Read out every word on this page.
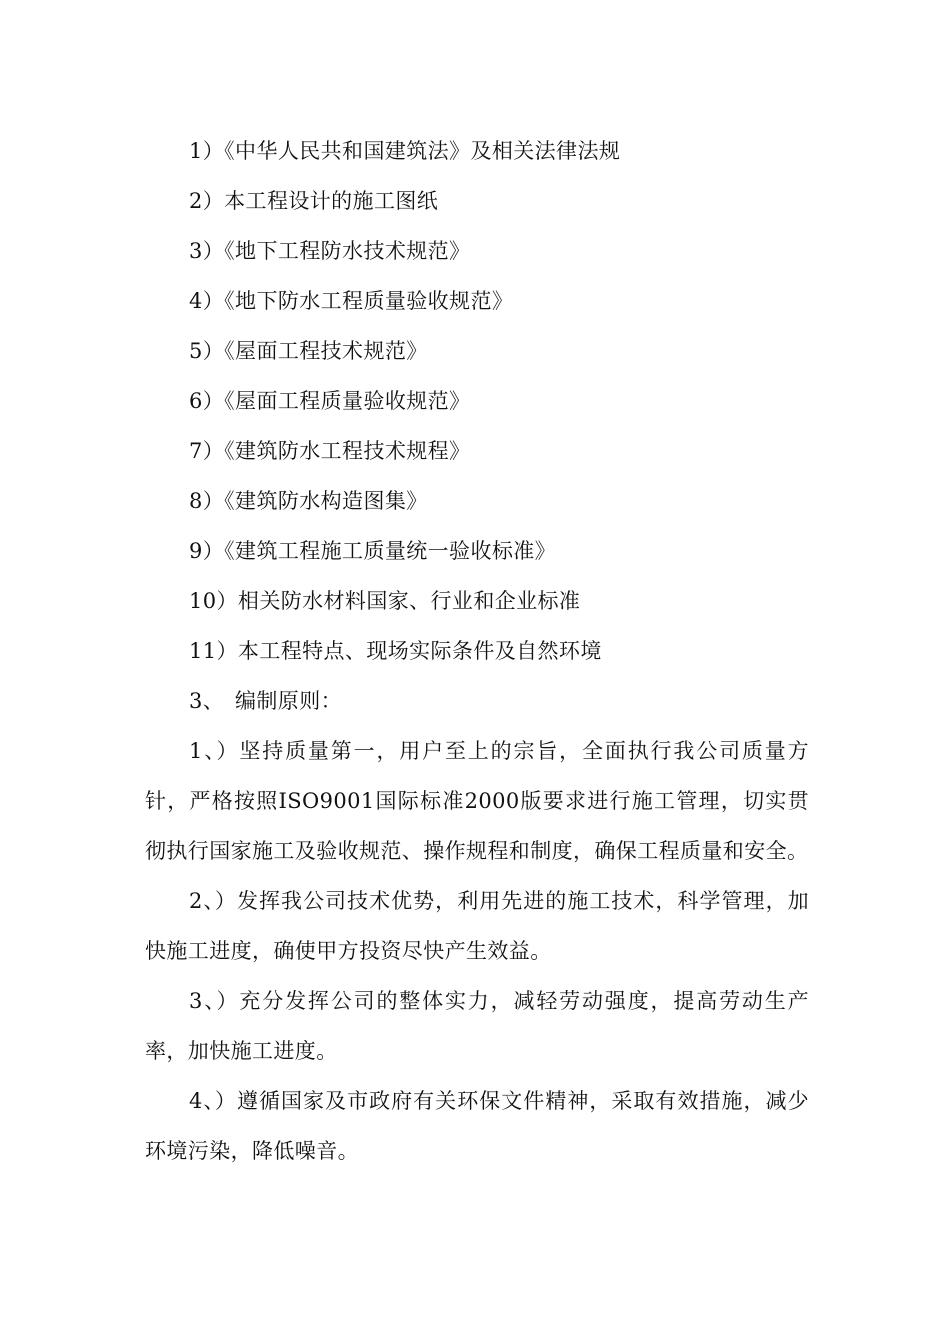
1）《中华人民共和国建筑法》及相关法律法规

2）本工程设计的施工图纸

3）《地下工程防水技术规范》

4）《地下防水工程质量验收规范》

5）《屋面工程技术规范》

6）《屋面工程质量验收规范》

7）《建筑防水工程技术规程》

8）《建筑防水构造图集》

9）《建筑工程施工质量统一验收标准》

10）相关防水材料国家、行业和企业标准

11）本工程特点、现场实际条件及自然环境

3、 编制原则：

1、）坚持质量第一，用户至上的宗旨，全面执行我公司质量方针，严格按照ISO9001国际标准2000版要求进行施工管理，切实贯彻执行国家施工及验收规范、操作规程和制度，确保工程质量和安全。

2、）发挥我公司技术优势，利用先进的施工技术，科学管理，加快施工进度，确使甲方投资尽快产生效益。

3、）充分发挥公司的整体实力，减轻劳动强度，提高劳动生产率，加快施工进度。

4、）遵循国家及市政府有关环保文件精神，采取有效措施，减少环境污染，降低噪音。
